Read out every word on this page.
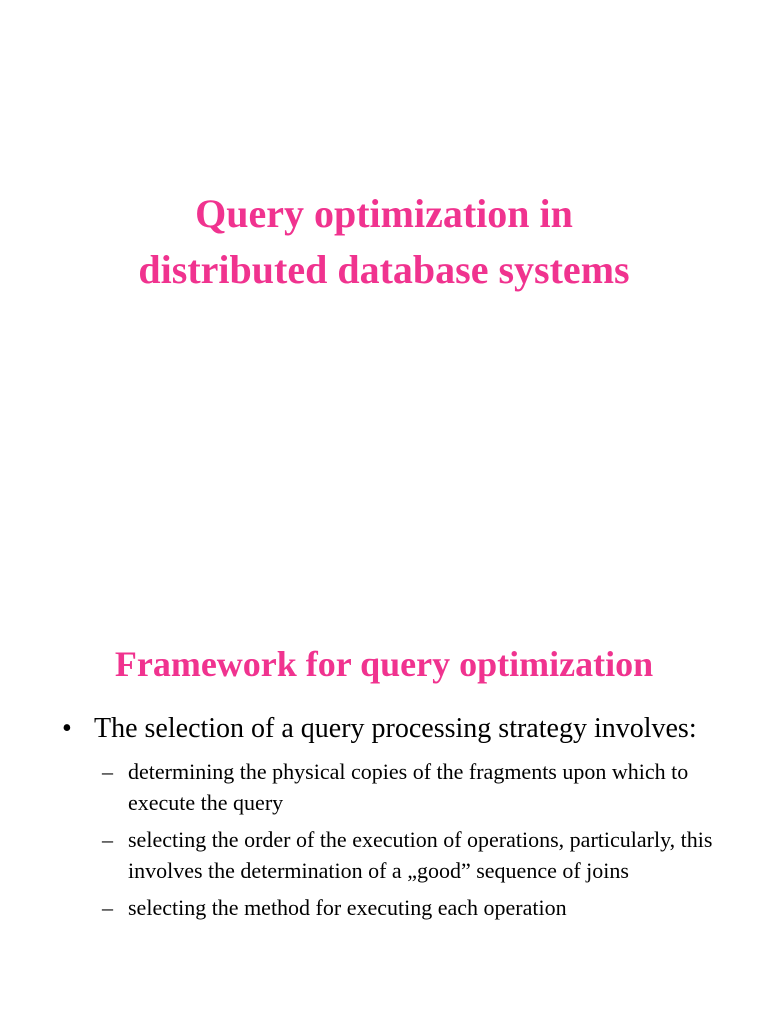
Query optimization in
distributed database systems
Framework for query optimization
• The selection of a query processing strategy involves:
– determining the physical copies of the fragments upon which to execute the query
– selecting the order of the execution of operations, particularly, this involves the determination of a „good” sequence of joins
– selecting the method for executing each operation
